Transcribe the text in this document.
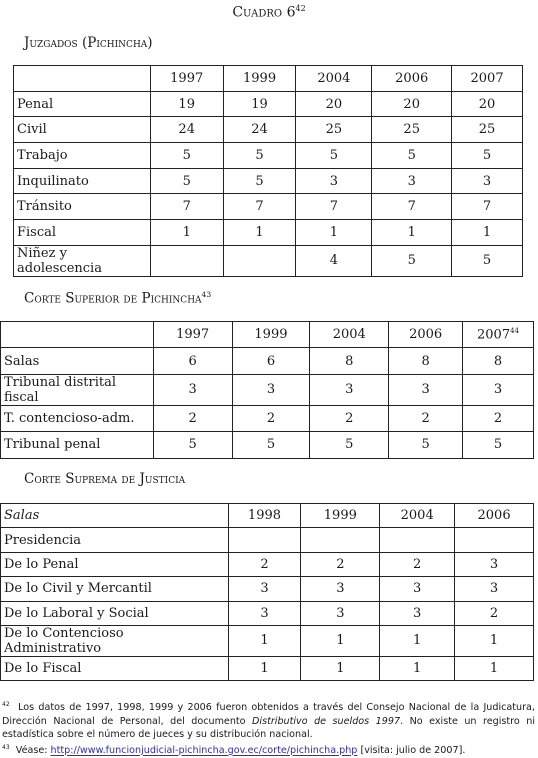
Cuadro $6^{42}$
Juzgados (Pichincha)
	1997	1999	2004	2006	2007
Penal	19	19	20	20	20
Civil	24	24	25	25	25
Trabajo	5	5	5	5	5
Inquilinato	5	5	3	3	3
Tránsito	7	7	7	7	7
Fiscal	1	1	1	1	1
Niñez y adolescencia			4	5	5
Corte Superior de Pichincha$^{43}$
	1997	1999	2004	2006	2007$^{44}$
Salas	6	6	8	8	8
Tribunal distrital fiscal	3	3	3	3	3
T. contencioso-adm.	2	2	2	2	2
Tribunal penal	5	5	5	5	5
Corte Suprema de Justicia
Salas	1998	1999	2004	2006
Presidencia				
De lo Penal	2	2	2	3
De lo Civil y Mercantil	3	3	3	3
De lo Laboral y Social	3	3	3	2
De lo Contencioso Administrativo	1	1	1	1
De lo Fiscal	1	1	1	1

$^{42}$ Los datos de 1997, 1998, 1999 y 2006 fueron obtenidos a través del Consejo Nacional de la Judicatura, Dirección Nacional de Personal, del documento Distributivo de sueldos 1997. No existe un registro ni estadística sobre el número de jueces y su distribución nacional.

$^{43}$ Véase: http://www.funcionjudicial-pichincha.gov.ec/corte/pichincha.php [visita: julio de 2007].
